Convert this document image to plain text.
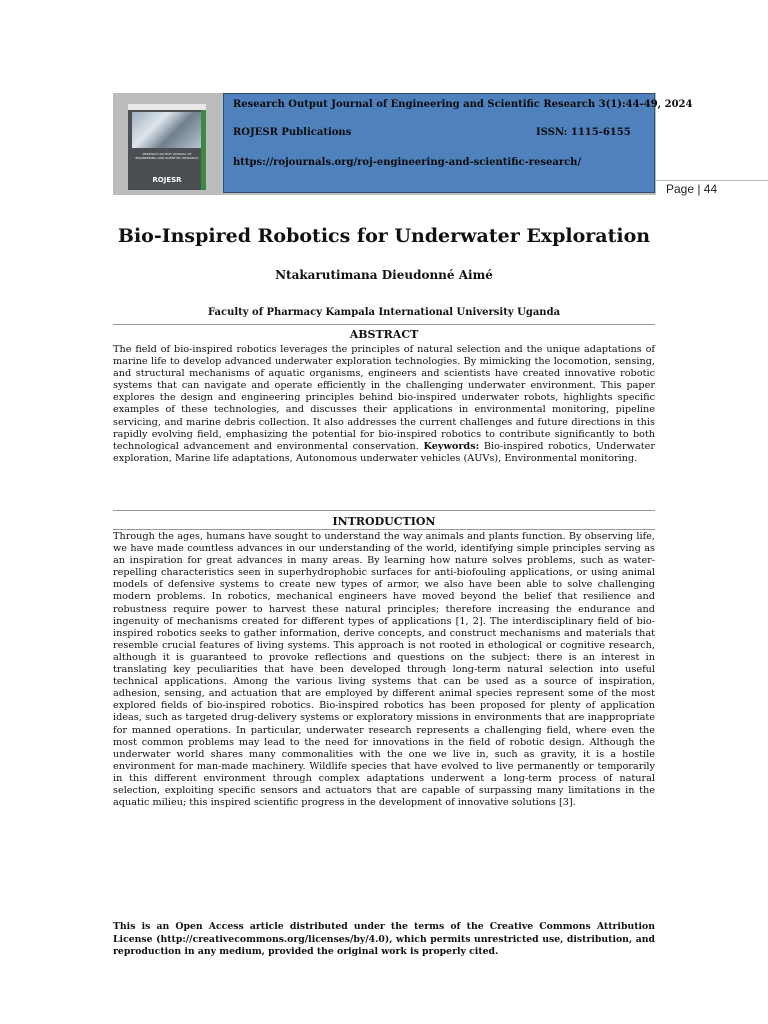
RESEARCH OUTPUT JOURNAL OF ENGINEERING AND SCIENTIFIC RESEARCH
ROJESR
Research Output Journal of Engineering and Scientific Research 3(1):44-49, 2024
ROJESR Publications	ISSN: 1115-6155
https://rojournals.org/roj-engineering-and-scientific-research/
Page | 44
Bio-Inspired Robotics for Underwater Exploration
Ntakarutimana Dieudonné Aimé
Faculty of Pharmacy Kampala International University Uganda
ABSTRACT
The field of bio-inspired robotics leverages the principles of natural selection and the unique adaptations of marine life to develop advanced underwater exploration technologies. By mimicking the locomotion, sensing, and structural mechanisms of aquatic organisms, engineers and scientists have created innovative robotic systems that can navigate and operate efficiently in the challenging underwater environment. This paper explores the design and engineering principles behind bio-inspired underwater robots, highlights specific examples of these technologies, and discusses their applications in environmental monitoring, pipeline servicing, and marine debris collection. It also addresses the current challenges and future directions in this rapidly evolving field, emphasizing the potential for bio-inspired robotics to contribute significantly to both technological advancement and environmental conservation. Keywords: Bio-inspired robotics, Underwater exploration, Marine life adaptations, Autonomous underwater vehicles (AUVs), Environmental monitoring.
INTRODUCTION
Through the ages, humans have sought to understand the way animals and plants function. By observing life, we have made countless advances in our understanding of the world, identifying simple principles serving as an inspiration for great advances in many areas. By learning how nature solves problems, such as water-repelling characteristics seen in superhydrophobic surfaces for anti-biofouling applications, or using animal models of defensive systems to create new types of armor, we also have been able to solve challenging modern problems. In robotics, mechanical engineers have moved beyond the belief that resilience and robustness require power to harvest these natural principles; therefore increasing the endurance and ingenuity of mechanisms created for different types of applications [1, 2]. The interdisciplinary field of bio-inspired robotics seeks to gather information, derive concepts, and construct mechanisms and materials that resemble crucial features of living systems. This approach is not rooted in ethological or cognitive research, although it is guaranteed to provoke reflections and questions on the subject: there is an interest in translating key peculiarities that have been developed through long-term natural selection into useful technical applications. Among the various living systems that can be used as a source of inspiration, adhesion, sensing, and actuation that are employed by different animal species represent some of the most explored fields of bio-inspired robotics. Bio-inspired robotics has been proposed for plenty of application ideas, such as targeted drug-delivery systems or exploratory missions in environments that are inappropriate for manned operations. In particular, underwater research represents a challenging field, where even the most common problems may lead to the need for innovations in the field of robotic design. Although the underwater world shares many commonalities with the one we live in, such as gravity, it is a hostile environment for man-made machinery. Wildlife species that have evolved to live permanently or temporarily in this different environment through complex adaptations underwent a long-term process of natural selection, exploiting specific sensors and actuators that are capable of surpassing many limitations in the aquatic milieu; this inspired scientific progress in the development of innovative solutions [3].
This is an Open Access article distributed under the terms of the Creative Commons Attribution License (http://creativecommons.org/licenses/by/4.0), which permits unrestricted use, distribution, and reproduction in any medium, provided the original work is properly cited.
